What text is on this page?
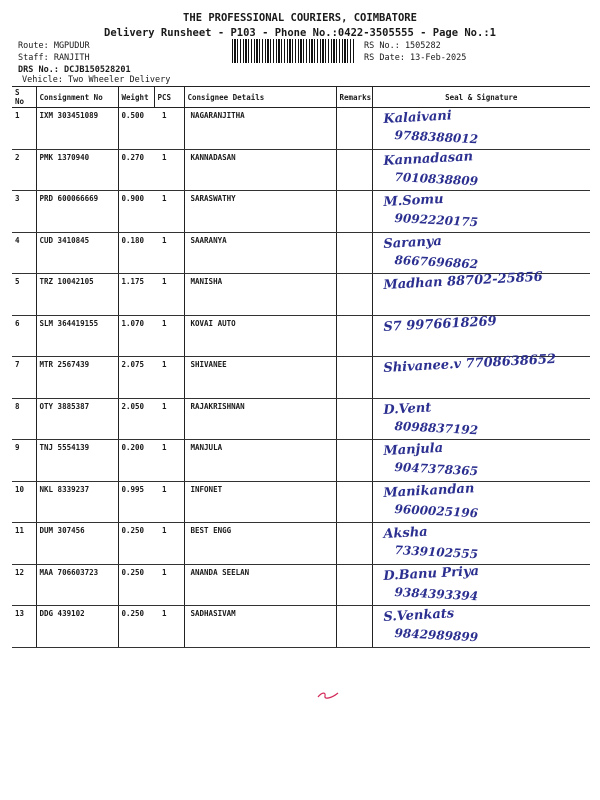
THE PROFESSIONAL COURIERS, COIMBATORE
Delivery Runsheet - P103 - Phone No.:0422-3505555 - Page No.:1
Route: MGPUDUR
Staff: RANJITH
DRS No.: DCJB150528201
Vehicle: Two Wheeler Delivery
RS No.: 1505282
RS Date: 13-Feb-2025
S No	Consignment No	Weight	PCS	Consignee Details	Remarks	Seal & Signature
1	IXM 303451089	0.500	1	NAGARANJITHA		Kalaivani
9788388012

2	PMK 1370940	0.270	1	KANNADASAN		Kannadasan
7010838809

3	PRD 600066669	0.900	1	SARASWATHY		M.Somu
9092220175

4	CUD 3410845	0.180	1	SAARANYA		Saranya
8667696862

5	TRZ 10042105	1.175	1	MANISHA		Madhan 88702-25856

6	SLM 364419155	1.070	1	KOVAI AUTO		S7 9976618269

7	MTR 2567439	2.075	1	SHIVANEE		Shivanee.v 7708638652

8	OTY 3885387	2.050	1	RAJAKRISHNAN		D.Vent
8098837192

9	TNJ 5554139	0.200	1	MANJULA		Manjula
9047378365

10	NKL 8339237	0.995	1	INFONET		Manikandan
9600025196

11	DUM 307456	0.250	1	BEST ENGG		Aksha
7339102555

12	MAA 706603723	0.250	1	ANANDA SEELAN		D.Banu Priya
9384393394

13	DDG 439102	0.250	1	SADHASIVAM		S.Venkats
9842989899
